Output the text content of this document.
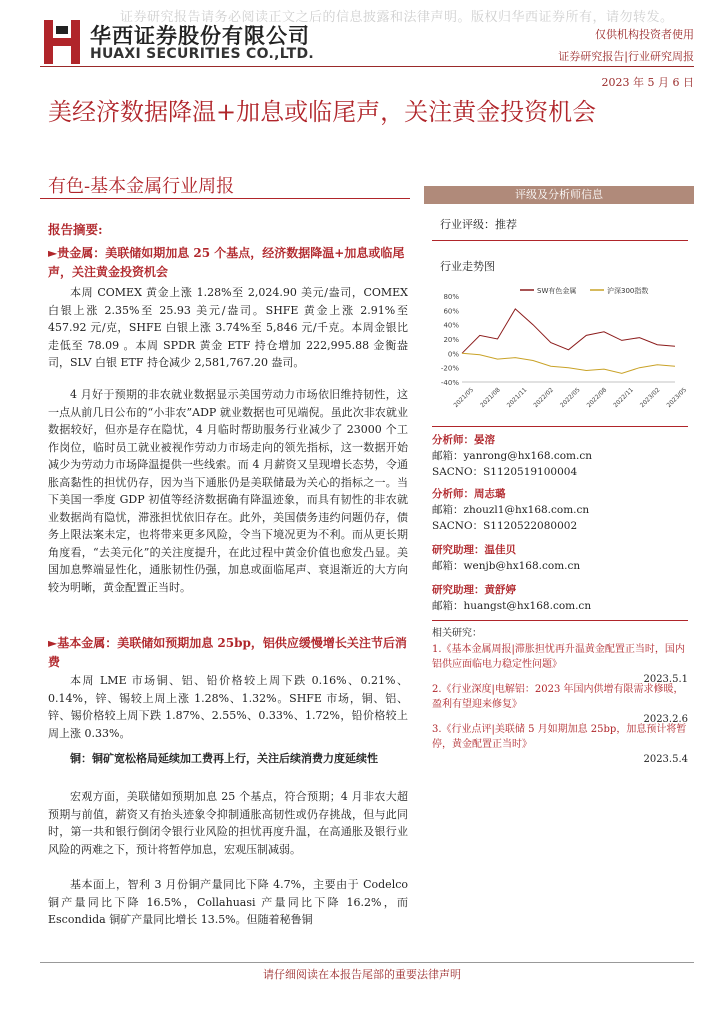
证券研究报告请务必阅读正文之后的信息披露和法律声明。版权归华西证券所有，请勿转发。
华西证券股份有限公司
HUAXI SECURITIES CO.,LTD.
仅供机构投资者使用
证券研究报告|行业研究周报
2023 年 5 月 6 日
美经济数据降温+加息或临尾声，关注黄金投资机会
有色-基本金属行业周报
报告摘要:
►贵金属：美联储如期加息 25 个基点，经济数据降温+加息或临尾声，关注黄金投资机会

本周 COMEX 黄金上涨 1.28%至 2,024.90 美元/盎司，COMEX 白银上涨 2.35%至 25.93 美元/盎司。SHFE 黄金上涨 2.91%至 457.92 元/克，SHFE 白银上涨 3.74%至 5,846 元/千克。本周金银比走低至 78.09 。本周 SPDR 黄金 ETF 持仓增加 222,995.88 金衡盎司，SLV 白银 ETF 持仓减少 2,581,767.20 盎司。

4 月好于预期的非农就业数据显示美国劳动力市场依旧维持韧性，这一点从前几日公布的“小非农”ADP 就业数据也可见端倪。虽此次非农就业数据较好，但亦是存在隐忧，4 月临时帮助服务行业减少了 23000 个工作岗位，临时员工就业被视作劳动力市场走向的领先指标，这一数据开始减少为劳动力市场降温提供一些线索。而 4 月薪资又呈现增长态势，令通胀高黏性的担忧仍存，因为当下通胀仍是美联储最为关心的指标之一。当下美国一季度 GDP 初值等经济数据确有降温迹象，而具有韧性的非农就业数据尚有隐忧，滞涨担忧依旧存在。此外，美国债务违约问题仍存，债务上限法案未定，也将带来更多风险，令当下境况更为不利。而从更长期角度看，“去美元化”的关注度提升，在此过程中黄金价值也愈发凸显。美国加息弊端显性化，通胀韧性仍强，加息或面临尾声、衰退渐近的大方向较为明晰，黄金配置正当时。

►基本金属：美联储如预期加息 25bp，铝供应缓慢增长关注节后消费

本周 LME 市场铜、铝、铅价格较上周下跌 0.16%、0.21%、0.14%，锌、锡较上周上涨 1.28%、1.32%。SHFE 市场，铜、铝、锌、锡价格较上周下跌 1.87%、2.55%、0.33%、1.72%，铅价格较上周上涨 0.33%。

铜：铜矿宽松格局延续加工费再上行，关注后续消费力度延续性

宏观方面，美联储如预期加息 25 个基点，符合预期；4 月非农大超预期与前值，薪资又有抬头迹象令抑制通胀高韧性或仍存挑战，但与此同时，第一共和银行倒闭令银行业风险的担忧再度升温，在高通胀及银行业风险的两难之下，预计将暂停加息，宏观压制减弱。

基本面上，智利 3 月份铜产量同比下降 4.7%，主要由于 Codelco 铜产量同比下降 16.5%，Collahuasi 产量同比下降 16.2%，而 Escondida 铜矿产量同比增长 13.5%。但随着秘鲁铜

评级及分析师信息
行业评级：推荐
行业走势图
-40%
-20%
0%
20%
40%
60%
80%
2021/05 2021/08 2021/11 2022/02 2022/05 2022/08 2022/11 2023/02 2023/05
SW有色金属	沪深300指数
分析师：晏溶
邮箱：yanrong@hx168.com.cn
SACNO：S1120519100004
分析师：周志璐
邮箱：zhouzl1@hx168.com.cn
SACNO：S1120522080002
研究助理：温佳贝
邮箱：wenjb@hx168.com.cn
研究助理：黄舒婷
邮箱：huangst@hx168.com.cn
相关研究：
1.《基本金属周报|滞胀担忧再升温黄金配置正当时，国内铝供应面临电力稳定性问题》
2023.5.1
2.《行业深度|电解铝：2023 年国内供增有限需求修暖，盈利有望迎来修复》
2023.2.6
3.《行业点评|美联储 5 月如期加息 25bp，加息预计将暂停，黄金配置正当时》
2023.5.4
请仔细阅读在本报告尾部的重要法律声明
